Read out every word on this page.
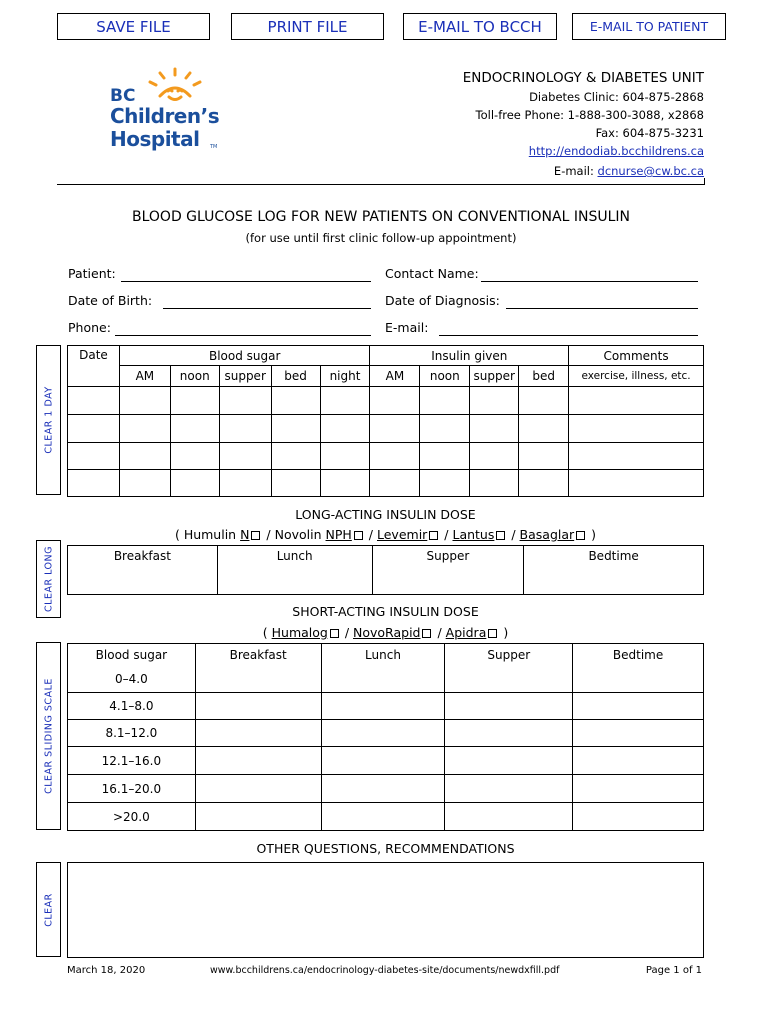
SAVE FILE	PRINT FILE	E-MAIL TO BCCH	E-MAIL TO PATIENT
BC
Children’s
Hospital TM
ENDOCRINOLOGY & DIABETES UNIT
Diabetes Clinic: 604-875-2868
Toll-free Phone: 1-888-300-3088, x2868
Fax: 604-875-3231
http://endodiab.bcchildrens.ca
E-mail: dcnurse@cw.bc.ca
BLOOD GLUCOSE LOG FOR NEW PATIENTS ON CONVENTIONAL INSULIN
(for use until first clinic follow-up appointment)
Patient:	Contact Name:
Date of Birth:	Date of Diagnosis:
Phone:	E-mail:
CLEAR 1 DAY
CLEAR LONG
CLEAR SLIDING SCALE
CLEAR
Date	Blood sugar					Insulin given				Comments
	AM	noon	supper	bed	night	AM	noon	supper	bed	exercise, illness, etc.

LONG-ACTING INSULIN DOSE
( Humulin N / Novolin NPH / Levemir / Lantus / Basaglar )
Breakfast	Lunch	Supper	Bedtime

SHORT-ACTING INSULIN DOSE
( Humalog / NovoRapid / Apidra )
Blood sugar	Breakfast	Lunch	Supper	Bedtime
0–4.0				
4.1–8.0				
8.1–12.0				
12.1–16.0				
16.1–20.0				
>20.0				
OTHER QUESTIONS, RECOMMENDATIONS
March 18, 2020	www.bcchildrens.ca/endocrinology-diabetes-site/documents/newdxfill.pdf	Page 1 of 1
